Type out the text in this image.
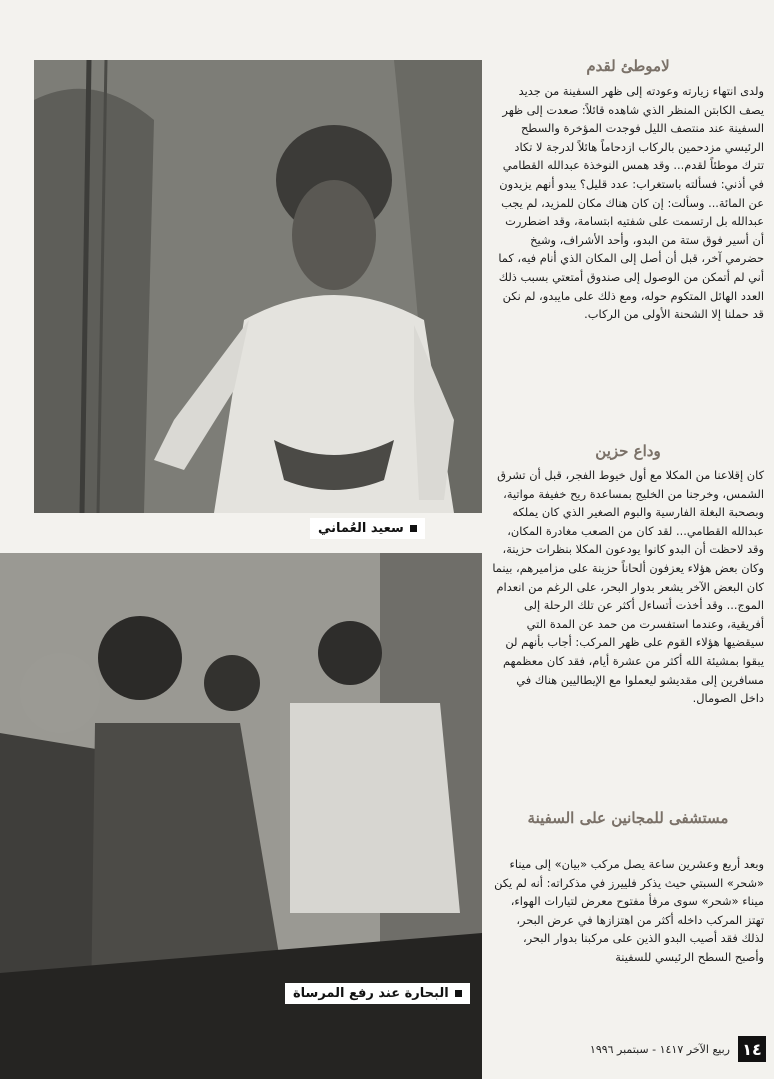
سعيد العُماني
البحارة عند رفع المرساة
لاموطئ لقدم

ولدى انتهاء زيارته وعودته إلى ظهر السفينة من جديد يصف الكابتن المنظر الذي شاهده قائلاً: صعدت إلى ظهر السفينة عند منتصف الليل فوجدت المؤخرة والسطح الرئيسي مزدحمين بالركاب ازدحاماً هائلاً لدرجة لا تكاد تترك موطئاً لقدم... وقد همس النوخذة عبدالله القطامي في أذني: فسألته باستغراب: عدد قليل؟ يبدو أنهم يزيدون عن المائة... وسألت: إن كان هناك مكان للمزيد، لم يجب عبدالله بل ارتسمت على شفتيه ابتسامة، وقد اضطررت أن أسير فوق ستة من البدو، وأحد الأشراف، وشيخ حضرمي آخر، قبل أن أصل إلى المكان الذي أنام فيه، كما أني لم أتمكن من الوصول إلى صندوق أمتعتي بسبب ذلك العدد الهائل المتكوم حوله، ومع ذلك على مايبدو، لم نكن قد حملنا إلا الشحنة الأولى من الركاب.

وداع حزين

كان إقلاعنا من المكلا مع أول خيوط الفجر، قبل أن تشرق الشمس، وخرجنا من الخليج بمساعدة ريح خفيفة مواتية، وبصحبة البغلة الفارسية والبوم الصغير الذي كان يملكه عبدالله القطامي... لقد كان من الصعب مغادرة المكان، وقد لاحظت أن البدو كانوا يودعون المكلا بنظرات حزينة، وكان بعض هؤلاء يعزفون ألحاناً حزينة على مزاميرهم، بينما كان البعض الآخر يشعر بدوار البحر، على الرغم من انعدام الموج... وقد أخذت أتساءل أكثر عن تلك الرحلة إلى أفريقية، وعندما استفسرت من حمد عن المدة التي سيقضيها هؤلاء القوم على ظهر المركب: أجاب بأنهم لن يبقوا بمشيئة الله أكثر من عشرة أيام، فقد كان معظمهم مسافرين إلى مقديشو ليعملوا مع الإيطاليين هناك في داخل الصومال.

مستشفى للمجانين على السفينة

وبعد أربع وعشرين ساعة يصل مركب «بيان» إلى ميناء «شحر» السبتي حيث يذكر فلييرز في مذكراته: أنه لم يكن ميناء «شحر» سوى مرفأ مفتوح معرض لتيارات الهواء، تهتز المركب داخله أكثر من اهتزازها في عرض البحر، لذلك فقد أصيب البدو الذين على مركبنا بدوار البحر، وأصبح السطح الرئيسي للسفينة

١٤
ربيع الآخر ١٤١٧ - سبتمبر ١٩٩٦
